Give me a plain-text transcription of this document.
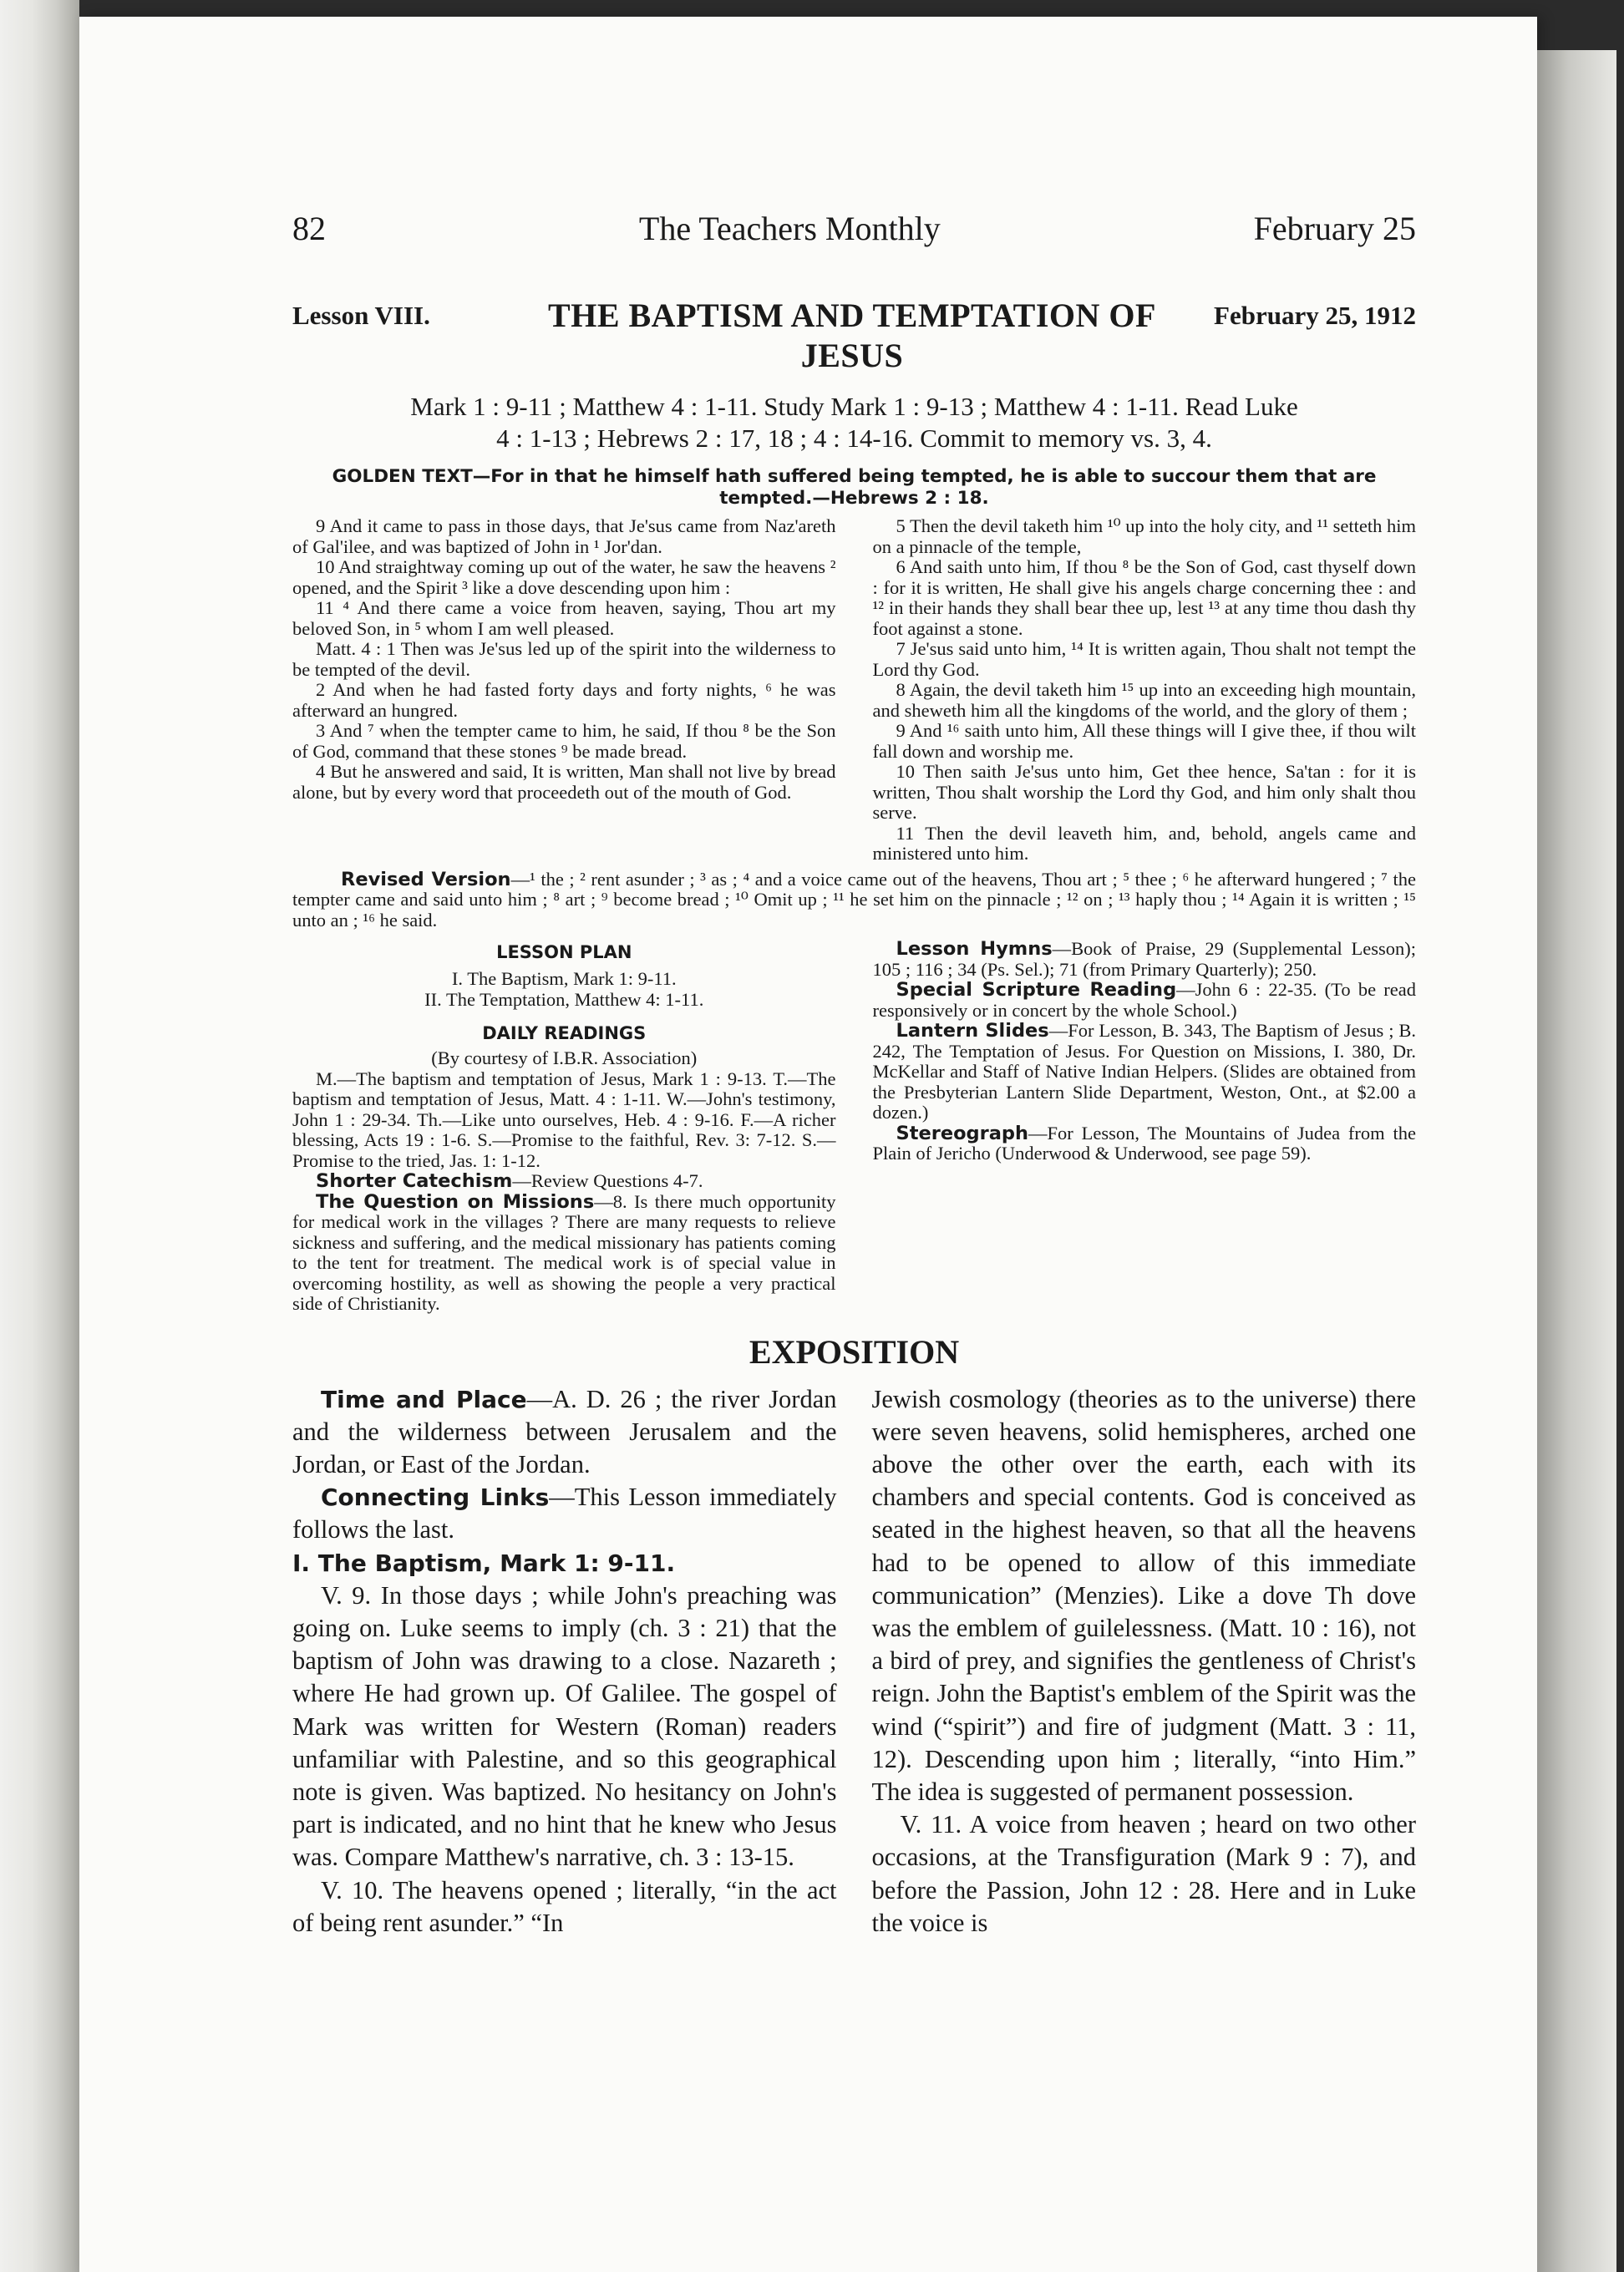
82	The Teachers Monthly	February 25
Lesson VIII.	THE BAPTISM AND TEMPTATION OF JESUS
February 25, 1912
Mark 1 : 9-11 ; Matthew 4 : 1-11. Study Mark 1 : 9-13 ; Matthew 4 : 1-11. Read Luke
4 : 1-13 ; Hebrews 2 : 17, 18 ; 4 : 14-16. Commit to memory vs. 3, 4.
GOLDEN TEXT—For in that he himself hath suffered being tempted, he is able to succour them that are tempted.—Hebrews 2 : 18.

9 And it came to pass in those days, that Je'sus came from Naz'areth of Gal'ilee, and was baptized of John in ¹ Jor'dan.

10 And straightway coming up out of the water, he saw the heavens ² opened, and the Spirit ³ like a dove descending upon him :

11 ⁴ And there came a voice from heaven, saying, Thou art my beloved Son, in ⁵ whom I am well pleased.

Matt. 4 : 1 Then was Je'sus led up of the spirit into the wilderness to be tempted of the devil.

2 And when he had fasted forty days and forty nights, ⁶ he was afterward an hungred.

3 And ⁷ when the tempter came to him, he said, If thou ⁸ be the Son of God, command that these stones ⁹ be made bread.

4 But he answered and said, It is written, Man shall not live by bread alone, but by every word that proceedeth out of the mouth of God.

5 Then the devil taketh him ¹⁰ up into the holy city, and ¹¹ setteth him on a pinnacle of the temple,

6 And saith unto him, If thou ⁸ be the Son of God, cast thyself down : for it is written, He shall give his angels charge concerning thee : and ¹² in their hands they shall bear thee up, lest ¹³ at any time thou dash thy foot against a stone.

7 Je'sus said unto him, ¹⁴ It is written again, Thou shalt not tempt the Lord thy God.

8 Again, the devil taketh him ¹⁵ up into an exceeding high mountain, and sheweth him all the kingdoms of the world, and the glory of them ;

9 And ¹⁶ saith unto him, All these things will I give thee, if thou wilt fall down and worship me.

10 Then saith Je'sus unto him, Get thee hence, Sa'tan : for it is written, Thou shalt worship the Lord thy God, and him only shalt thou serve.

11 Then the devil leaveth him, and, behold, angels came and ministered unto him.

Revised Version—¹ the ; ² rent asunder ; ³ as ; ⁴ and a voice came out of the heavens, Thou art ; ⁵ thee ; ⁶ he afterward hungered ; ⁷ the tempter came and said unto him ; ⁸ art ; ⁹ become bread ; ¹⁰ Omit up ; ¹¹ he set him on the pinnacle ; ¹² on ; ¹³ haply thou ; ¹⁴ Again it is written ; ¹⁵ unto an ; ¹⁶ he said.
LESSON PLAN
I. The Baptism, Mark 1: 9-11.
II. The Temptation, Matthew 4: 1-11.
DAILY READINGS
(By courtesy of I.B.R. Association)

M.—The baptism and temptation of Jesus, Mark 1 : 9-13. T.—The baptism and temptation of Jesus, Matt. 4 : 1-11. W.—John's testimony, John 1 : 29-34. Th.—Like unto ourselves, Heb. 4 : 9-16. F.—A richer blessing, Acts 19 : 1-6. S.—Promise to the faithful, Rev. 3: 7-12. S.—Promise to the tried, Jas. 1: 1-12.

Shorter Catechism—Review Questions 4-7.

The Question on Missions—8. Is there much opportunity for medical work in the villages ? There are many requests to relieve sickness and suffering, and the medical missionary has patients coming to the tent for treatment. The medical work is of special value in overcoming hostility, as well as showing the people a very practical side of Christianity.

Lesson Hymns—Book of Praise, 29 (Supplemental Lesson); 105 ; 116 ; 34 (Ps. Sel.); 71 (from Primary Quarterly); 250.

Special Scripture Reading—John 6 : 22-35. (To be read responsively or in concert by the whole School.)

Lantern Slides—For Lesson, B. 343, The Baptism of Jesus ; B. 242, The Temptation of Jesus. For Question on Missions, I. 380, Dr. McKellar and Staff of Native Indian Helpers. (Slides are obtained from the Presbyterian Lantern Slide Department, Weston, Ont., at $2.00 a dozen.)

Stereograph—For Lesson, The Mountains of Judea from the Plain of Jericho (Underwood & Underwood, see page 59).

EXPOSITION

Time and Place—A. D. 26 ; the river Jordan and the wilderness between Jerusalem and the Jordan, or East of the Jordan.

Connecting Links—This Lesson immediately follows the last.

I. The Baptism, Mark 1: 9-11.

V. 9. In those days ; while John's preaching was going on. Luke seems to imply (ch. 3 : 21) that the baptism of John was drawing to a close. Nazareth ; where He had grown up. Of Galilee. The gospel of Mark was written for Western (Roman) readers unfamiliar with Palestine, and so this geographical note is given. Was baptized. No hesitancy on John's part is indicated, and no hint that he knew who Jesus was. Compare Matthew's narrative, ch. 3 : 13-15.

V. 10. The heavens opened ; literally, “in the act of being rent asunder.” “In

Jewish cosmology (theories as to the universe) there were seven heavens, solid hemispheres, arched one above the other over the earth, each with its chambers and special contents. God is conceived as seated in the highest heaven, so that all the heavens had to be opened to allow of this immediate communication” (Menzies). Like a dove Th dove was the emblem of guilelessness. (Matt. 10 : 16), not a bird of prey, and signifies the gentleness of Christ's reign. John the Baptist's emblem of the Spirit was the wind (“spirit”) and fire of judgment (Matt. 3 : 11, 12). Descending upon him ; literally, “into Him.” The idea is suggested of permanent possession.

V. 11. A voice from heaven ; heard on two other occasions, at the Transfiguration (Mark 9 : 7), and before the Passion, John 12 : 28. Here and in Luke the voice is
